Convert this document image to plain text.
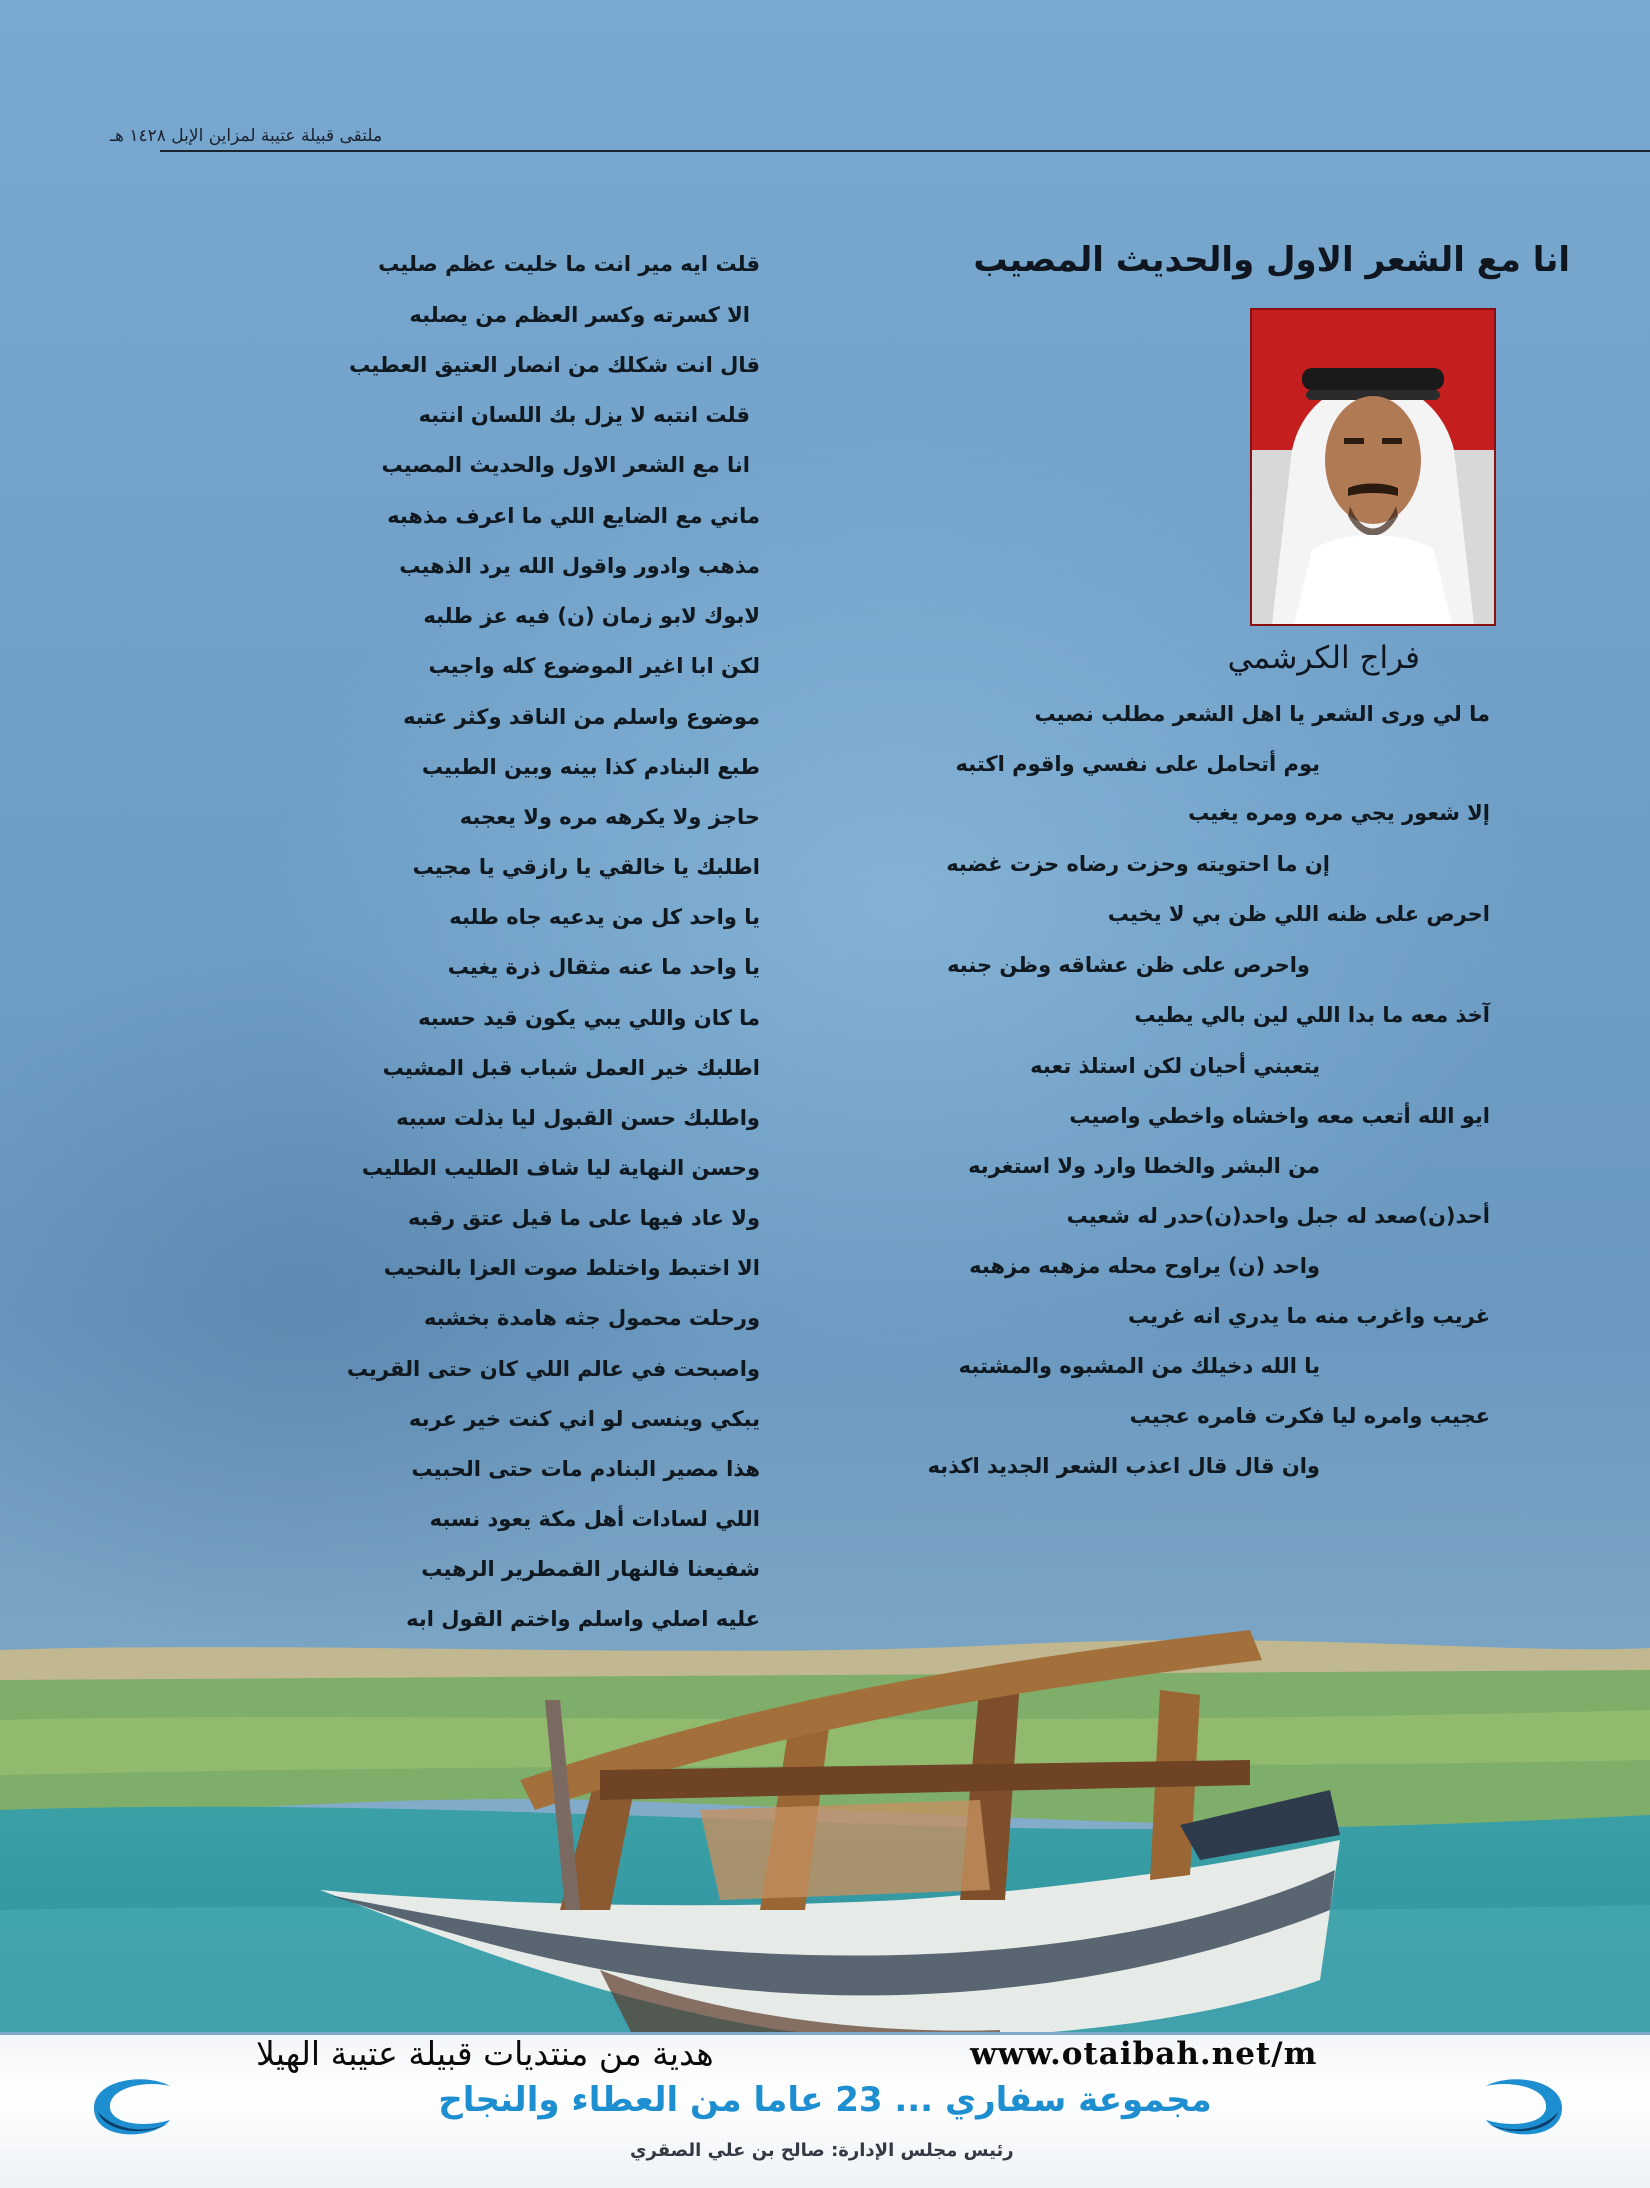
ملتقى قبيلة عتيبة لمزاين الإبل ١٤٢٨ هـ
انا مع الشعر الاول والحديث المصيب
فراج الكرشمي
ما لي ورى الشعر يا اهل الشعر مطلب نصيب
يوم أتحامل على نفسي واقوم اكتبه
إلا شعور يجي مره ومره يغيب
إن ما احتويته وحزت رضاه حزت غضبه
احرص على ظنه اللي ظن بي لا يخيب
واحرص على ظن عشاقه وظن جنبه
آخذ معه ما بدا اللي لين بالي يطيب
يتعبني أحيان لكن استلذ تعبه
ايو الله أتعب معه واخشاه واخطي واصيب
من البشر والخطا وارد ولا استغربه
أحد(ن)صعد له جبل واحد(ن)حدر له شعيب
واحد (ن) يراوح محله مزهبه مزهبه
غريب واغرب منه ما يدري انه غريب
يا الله دخيلك من المشبوه والمشتبه
عجيب وامره ليا فكرت فامره عجيب
وان قال قال اعذب الشعر الجديد اكذبه
قلت ايه مير انت ما خليت عظم صليب
الا كسرته وكسر العظم من يصلبه
قال انت شكلك من انصار العتيق العطيب
قلت انتبه لا يزل بك اللسان انتبه
انا مع الشعر الاول والحديث المصيب
ماني مع الضايع اللي ما اعرف مذهبه
مذهب وادور واقول الله يرد الذهيب
لابوك لابو زمان (ن) فيه عز طلبه
لكن ابا اغير الموضوع كله واجيب
موضوع واسلم من الناقد وكثر عتبه
طبع البنادم كذا بينه وبين الطبيب
حاجز ولا يكرهه مره ولا يعجبه
اطلبك يا خالقي يا رازقي يا مجيب
يا واحد كل من يدعيه جاه طلبه
يا واحد ما عنه مثقال ذرة يغيب
ما كان واللي يبي يكون قيد حسبه
اطلبك خير العمل شباب قبل المشيب
واطلبك حسن القبول ليا بذلت سببه
وحسن النهاية ليا شاف الطليب الطليب
ولا عاد فيها على ما قيل عتق رقبه
الا اختبط واختلط صوت العزا بالنحيب
ورحلت محمول جثه هامدة بخشبه
واصبحت في عالم اللي كان حتى القريب
يبكي وينسى لو اني كنت خير عربه
هذا مصير البنادم مات حتى الحبيب
اللي لسادات أهل مكة يعود نسبه
شفيعنا فالنهار القمطرير الرهيب
عليه اصلي واسلم واختم القول ابه
هدية من منتديات قبيلة عتيبة الهيلا	www.otaibah.net/m
مجموعة سفاري ... 23 عاما من العطاء والنجاح
رئيس مجلس الإدارة: صالح بن علي الصقري
